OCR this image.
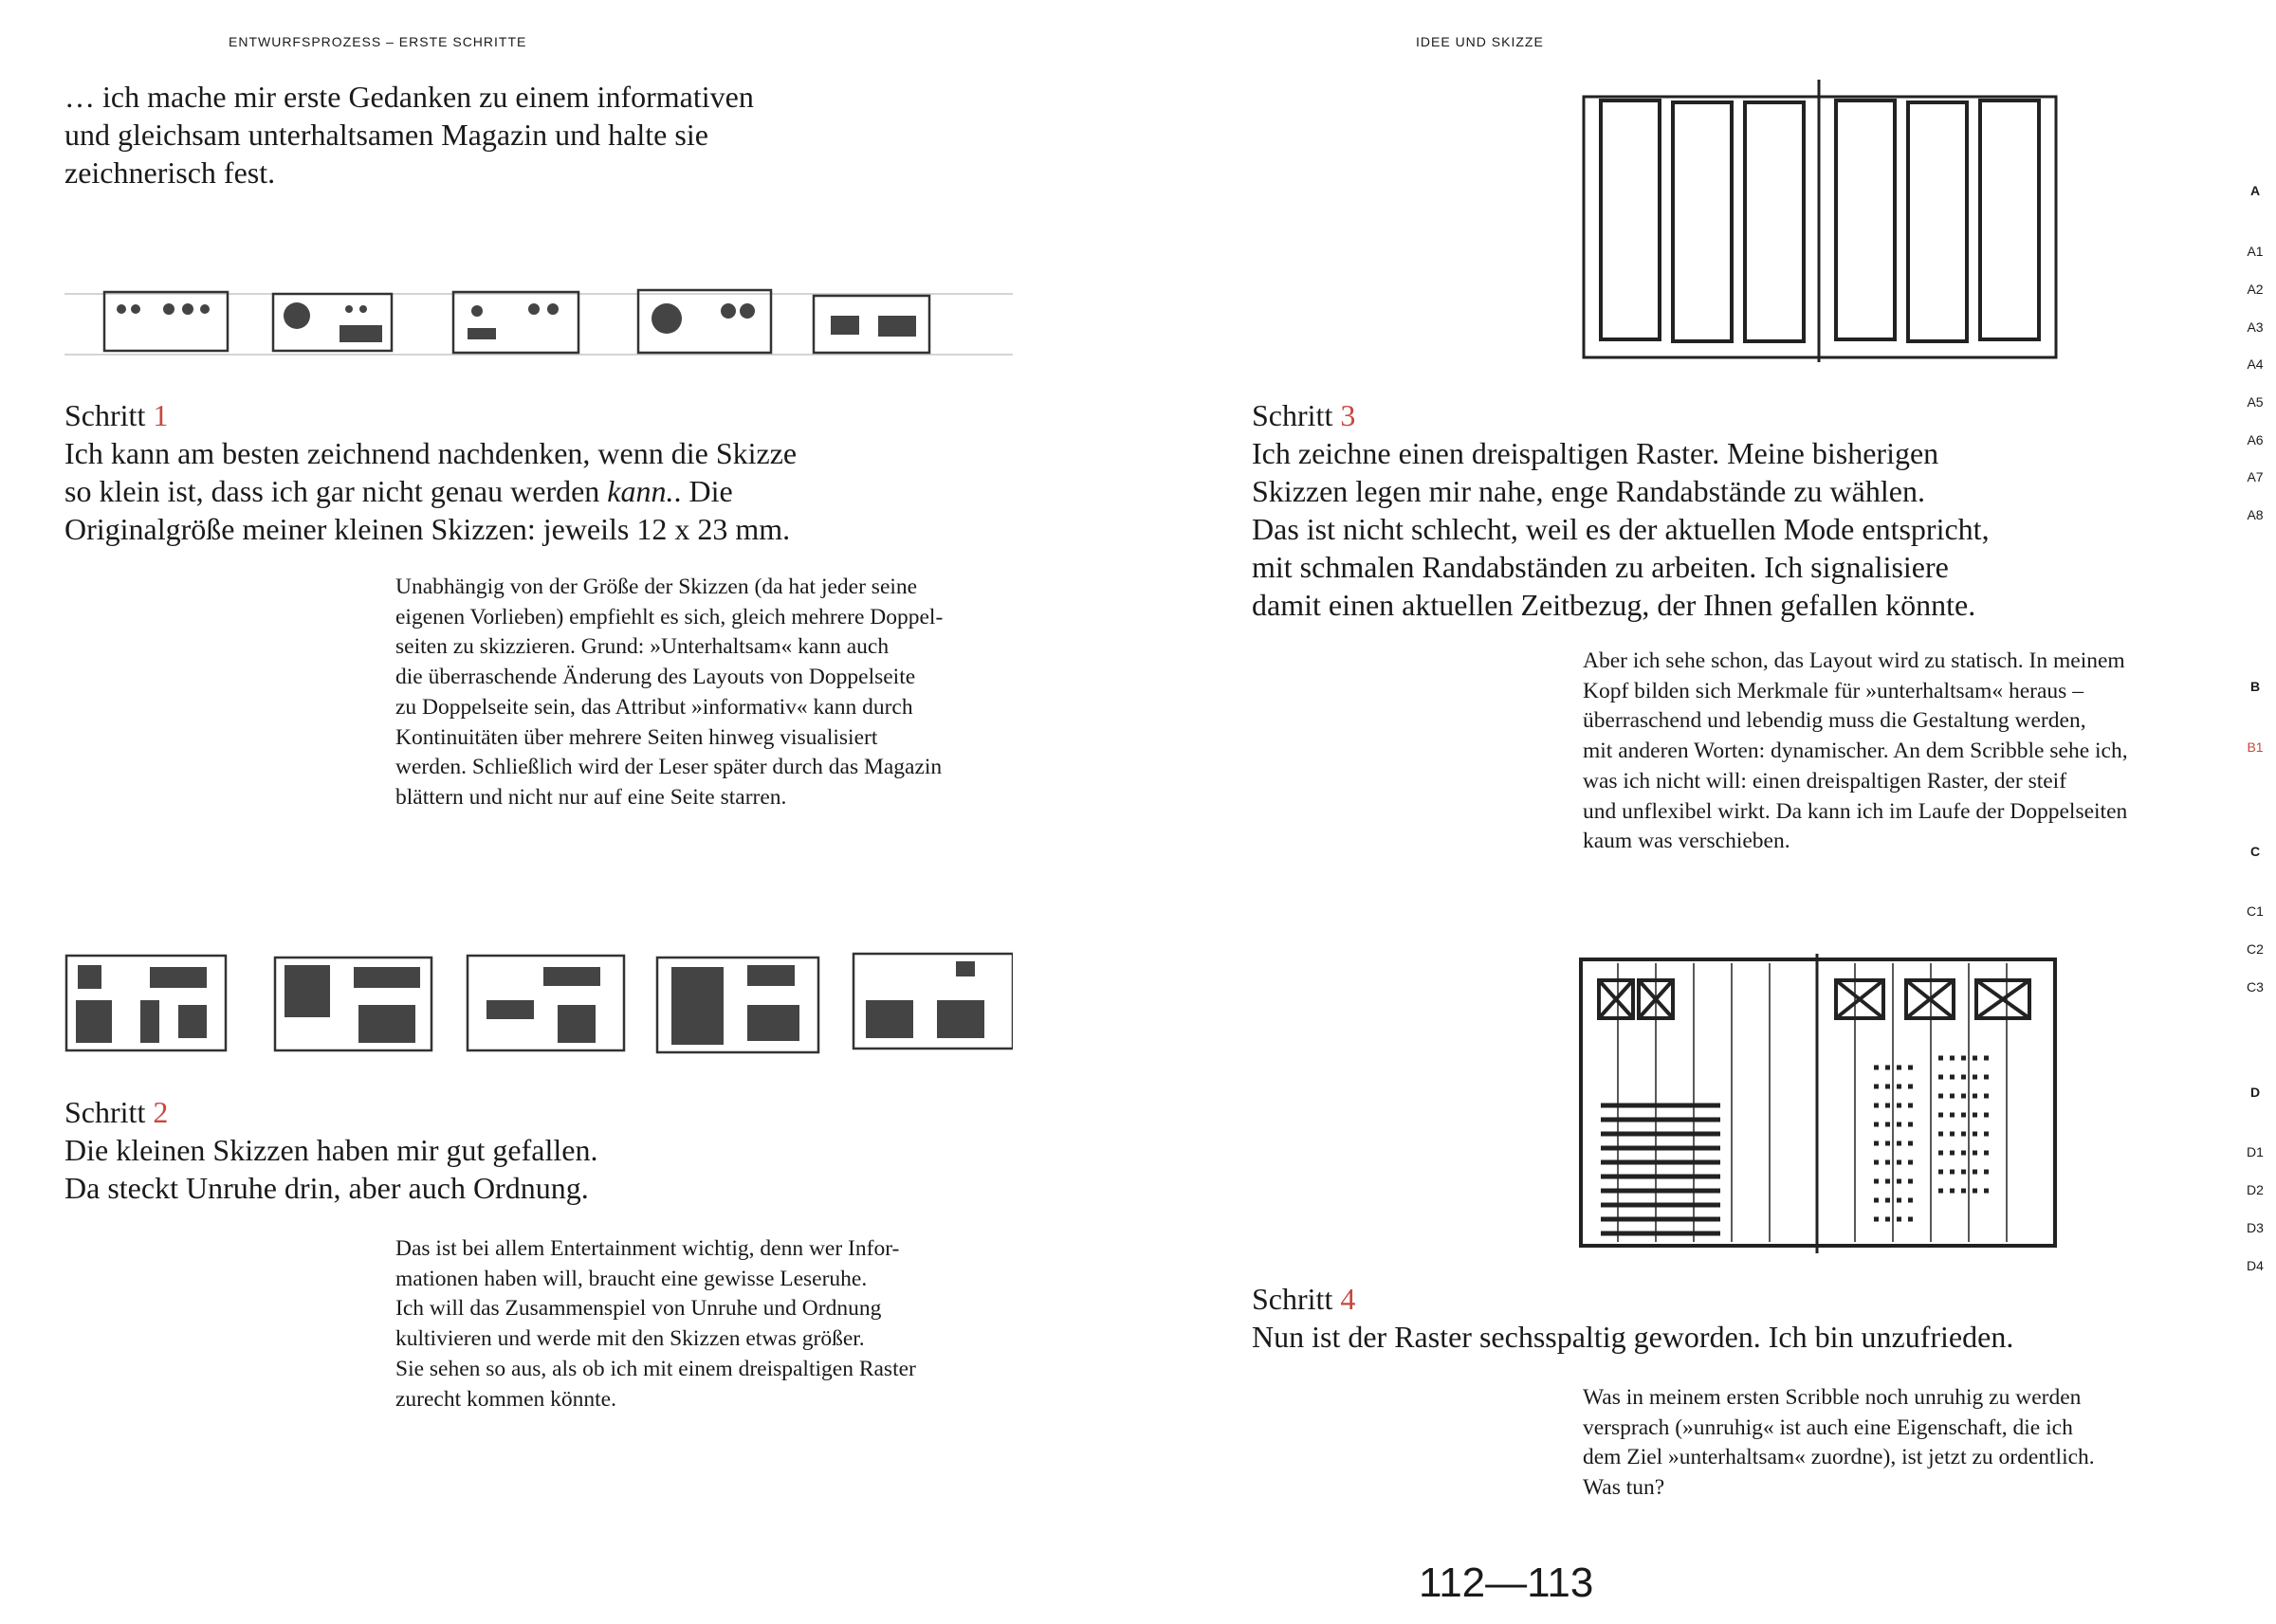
ENTWURFSPROZESS – ERSTE SCHRITTE	IDEE UND SKIZZE
… ich mache mir erste Gedanken zu einem informativen
und gleichsam unterhaltsamen Magazin und halte sie
zeichnerisch fest.
Schritt 1
Ich kann am besten zeichnend nachdenken, wenn die Skizze
so klein ist, dass ich gar nicht genau werden kann.. Die
Originalgröße meiner kleinen Skizzen: jeweils 12 x 23 mm.
Unabhängig von der Größe der Skizzen (da hat jeder seine
eigenen Vorlieben) empfiehlt es sich, gleich mehrere Doppel-
seiten zu skizzieren. Grund: »Unterhaltsam« kann auch
die überraschende Änderung des Layouts von Doppelseite
zu Doppelseite sein, das Attribut »informativ« kann durch
Kontinuitäten über mehrere Seiten hinweg visualisiert
werden. Schließlich wird der Leser später durch das Magazin
blättern und nicht nur auf eine Seite starren.
Schritt 2
Die kleinen Skizzen haben mir gut gefallen.
Da steckt Unruhe drin, aber auch Ordnung.
Das ist bei allem Entertainment wichtig, denn wer Infor-
mationen haben will, braucht eine gewisse Leseruhe.
Ich will das Zusammenspiel von Unruhe und Ordnung
kultivieren und werde mit den Skizzen etwas größer.
Sie sehen so aus, als ob ich mit einem dreispaltigen Raster
zurecht kommen könnte.
Schritt 3
Ich zeichne einen dreispaltigen Raster. Meine bisherigen
Skizzen legen mir nahe, enge Randabstände zu wählen.
Das ist nicht schlecht, weil es der aktuellen Mode entspricht,
mit schmalen Randabständen zu arbeiten. Ich signalisiere
damit einen aktuellen Zeitbezug, der Ihnen gefallen könnte.
Aber ich sehe schon, das Layout wird zu statisch. In meinem
Kopf bilden sich Merkmale für »unterhaltsam« heraus –
überraschend und lebendig muss die Gestaltung werden,
mit anderen Worten: dynamischer. An dem Scribble sehe ich,
was ich nicht will: einen dreispaltigen Raster, der steif
und unflexibel wirkt. Da kann ich im Laufe der Doppelseiten
kaum was verschieben.
Schritt 4
Nun ist der Raster sechsspaltig geworden. Ich bin unzufrieden.
Was in meinem ersten Scribble noch unruhig zu werden
versprach (»unruhig« ist auch eine Eigenschaft, die ich
dem Ziel »unterhaltsam« zuordne), ist jetzt zu ordentlich.
Was tun?
112—113
A
A1
A2
A3
A4
A5
A6
A7
A8
B
B1
C
C1
C2
C3
D
D1
D2
D3
D4
